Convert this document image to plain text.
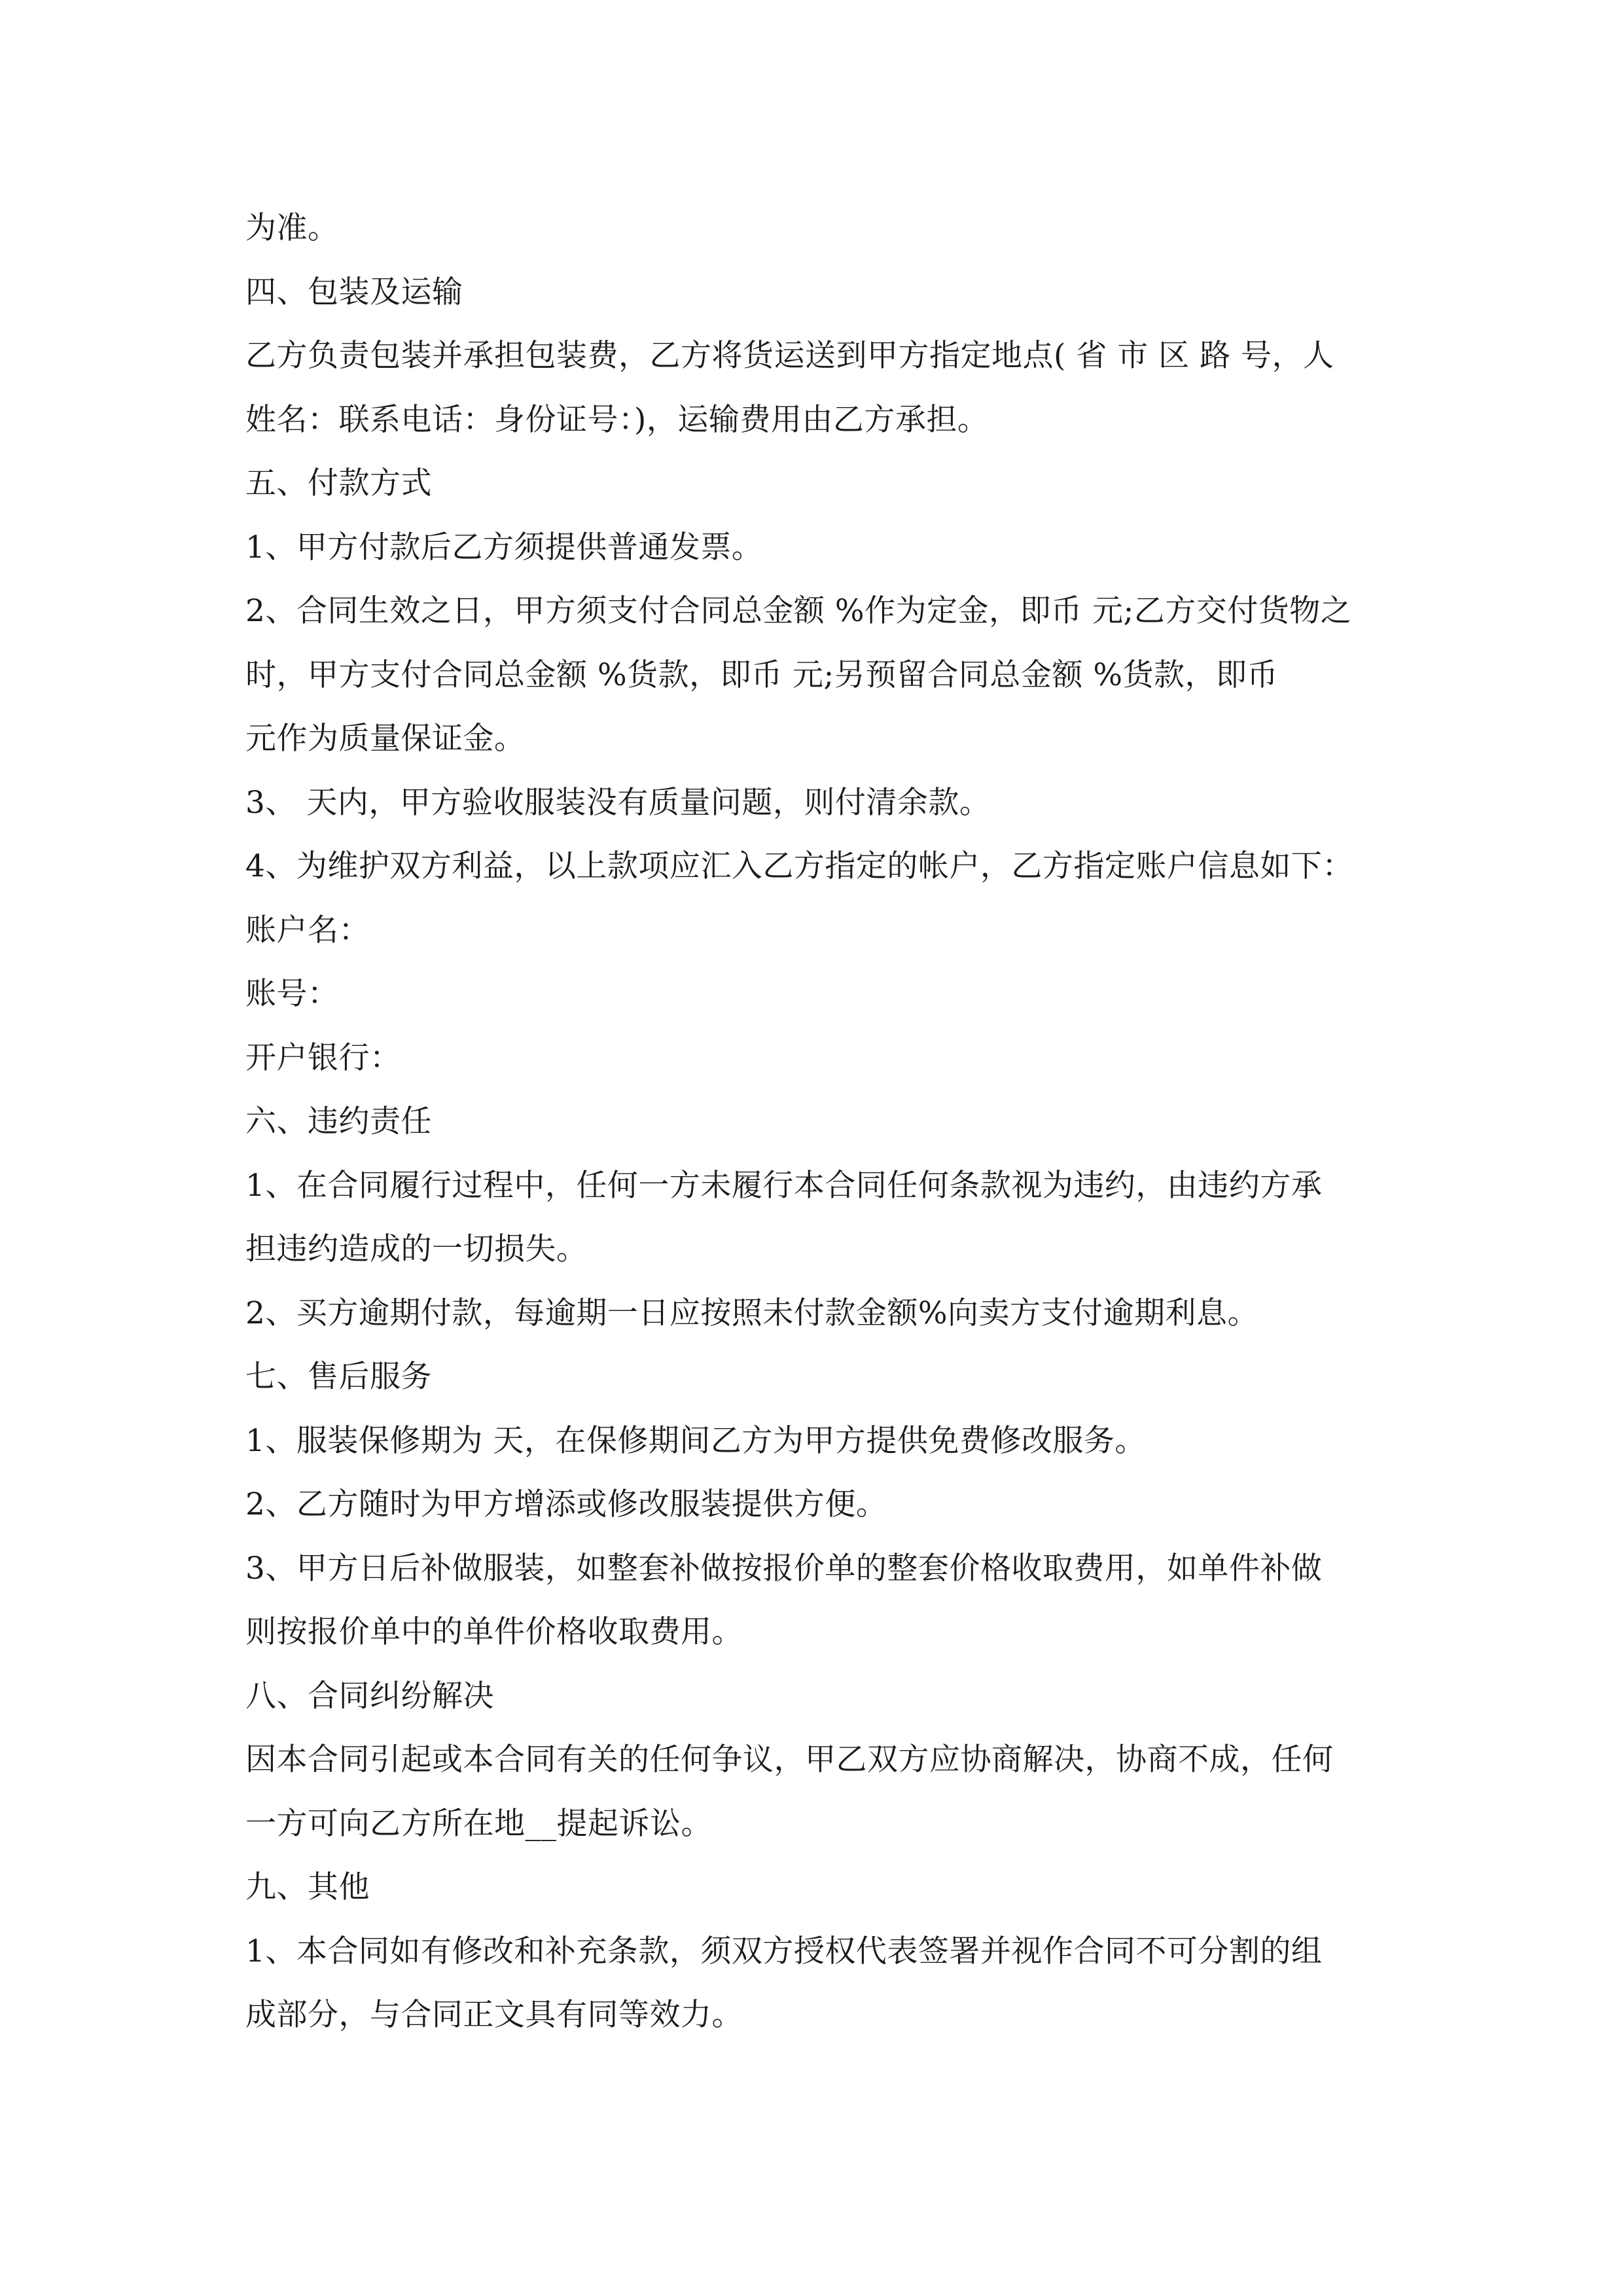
为准。
四、包装及运输
乙方负责包装并承担包装费，乙方将货运送到甲方指定地点( 省 市 区 路 号，人
姓名：联系电话：身份证号：)，运输费用由乙方承担。
五、付款方式
1、甲方付款后乙方须提供普通发票。
2、合同生效之日，甲方须支付合同总金额 %作为定金，即币 元;乙方交付货物之
时，甲方支付合同总金额 %货款，即币 元;另预留合同总金额 %货款，即币
元作为质量保证金。
3、 天内，甲方验收服装没有质量问题，则付清余款。
4、为维护双方利益，以上款项应汇入乙方指定的帐户，乙方指定账户信息如下：
账户名：
账号：
开户银行：
六、违约责任
1、在合同履行过程中，任何一方未履行本合同任何条款视为违约，由违约方承
担违约造成的一切损失。
2、买方逾期付款，每逾期一日应按照未付款金额%向卖方支付逾期利息。
七、售后服务
1、服装保修期为 天，在保修期间乙方为甲方提供免费修改服务。
2、乙方随时为甲方增添或修改服装提供方便。
3、甲方日后补做服装，如整套补做按报价单的整套价格收取费用，如单件补做
则按报价单中的单件价格收取费用。
八、合同纠纷解决
因本合同引起或本合同有关的任何争议，甲乙双方应协商解决，协商不成，任何
一方可向乙方所在地__提起诉讼。
九、其他
1、本合同如有修改和补充条款，须双方授权代表签署并视作合同不可分割的组
成部分，与合同正文具有同等效力。
